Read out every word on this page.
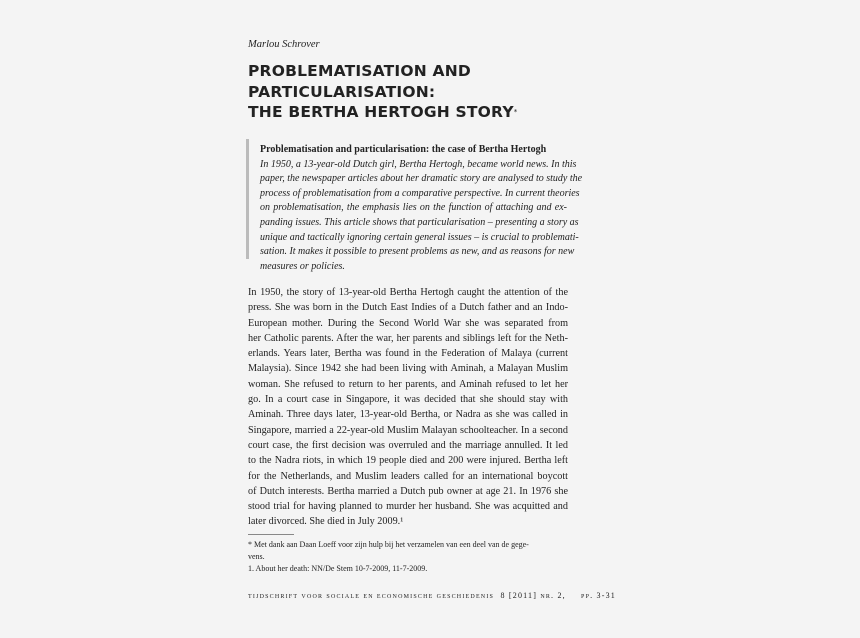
Marlou Schrover
PROBLEMATISATION AND
PARTICULARISATION:
THE BERTHA HERTOGH STORY*
Problematisation and particularisation: the case of Bertha Hertogh
In 1950, a 13-year-old Dutch girl, Bertha Hertogh, became world news. In this
paper, the newspaper articles about her dramatic story are analysed to study the
process of problematisation from a comparative perspective. In current theories
on problematisation, the emphasis lies on the function of attaching and ex-
panding issues. This article shows that particularisation – presenting a story as
unique and tactically ignoring certain general issues – is crucial to problemati-
sation. It makes it possible to present problems as new, and as reasons for new
measures or policies.
In 1950, the story of 13-year-old Bertha Hertogh caught the attention of the
press. She was born in the Dutch East Indies of a Dutch father and an Indo-
European mother. During the Second World War she was separated from
her Catholic parents. After the war, her parents and siblings left for the Neth-
erlands. Years later, Bertha was found in the Federation of Malaya (current
Malaysia). Since 1942 she had been living with Aminah, a Malayan Muslim
woman. She refused to return to her parents, and Aminah refused to let her
go. In a court case in Singapore, it was decided that she should stay with
Aminah. Three days later, 13-year-old Bertha, or Nadra as she was called in
Singapore, married a 22-year-old Muslim Malayan schoolteacher. In a second
court case, the first decision was overruled and the marriage annulled. It led
to the Nadra riots, in which 19 people died and 200 were injured. Bertha left
for the Netherlands, and Muslim leaders called for an international boycott
of Dutch interests. Bertha married a Dutch pub owner at age 21. In 1976 she
stood trial for having planned to murder her husband. She was acquitted and
later divorced. She died in July 2009.¹
* Met dank aan Daan Loeff voor zijn hulp bij het verzamelen van een deel van de gege-
vens.
1. About her death: NN/De Stem 10-7-2009, 11-7-2009.
tijdschrift voor sociale en economische geschiedenis 8 [2011] nr. 2, pp. 3-31
